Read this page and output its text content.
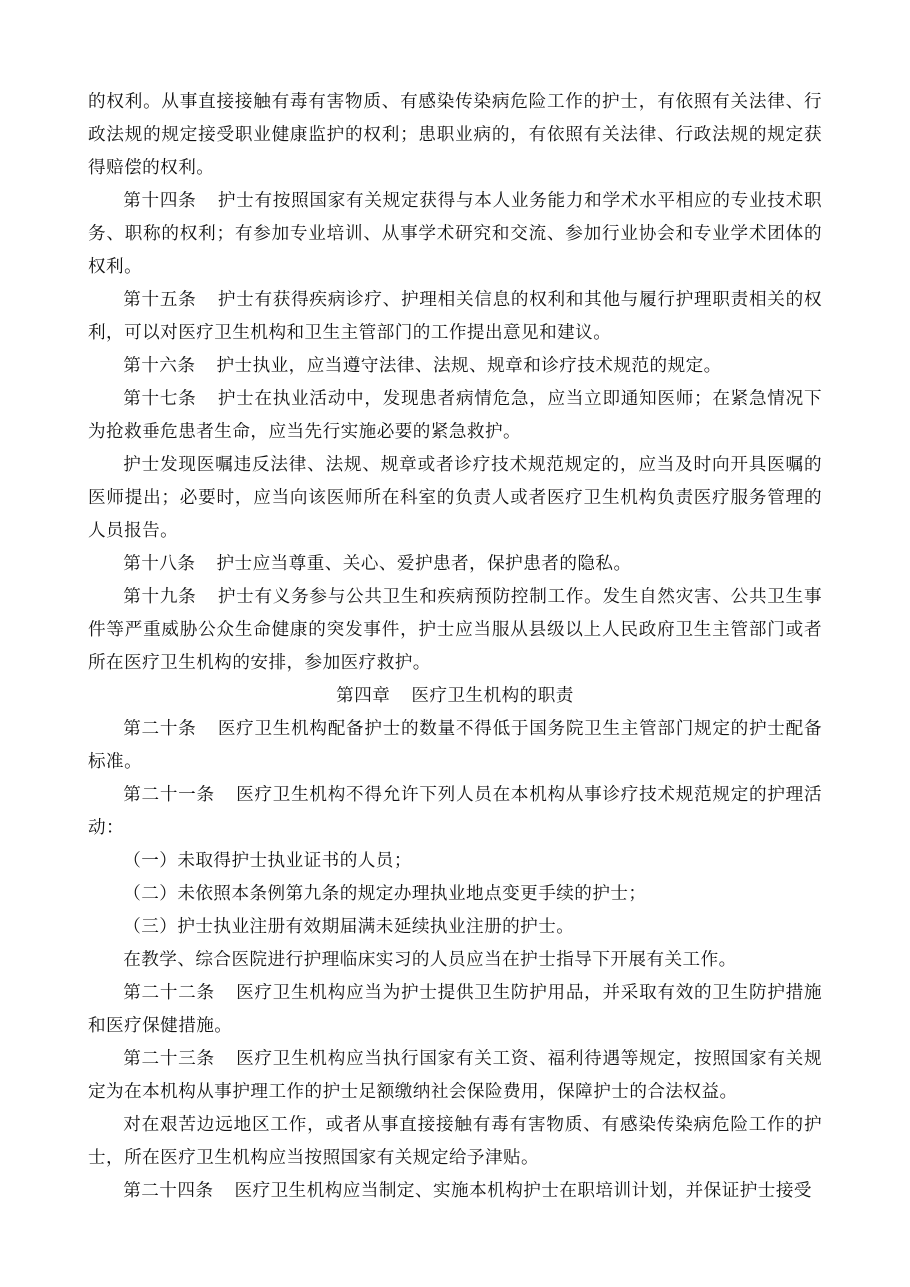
的权利。从事直接接触有毒有害物质、有感染传染病危险工作的护士，有依照有关法律、行政法规的规定接受职业健康监护的权利；患职业病的，有依照有关法律、行政法规的规定获得赔偿的权利。

第十四条 护士有按照国家有关规定获得与本人业务能力和学术水平相应的专业技术职务、职称的权利；有参加专业培训、从事学术研究和交流、参加行业协会和专业学术团体的权利。

第十五条 护士有获得疾病诊疗、护理相关信息的权利和其他与履行护理职责相关的权利，可以对医疗卫生机构和卫生主管部门的工作提出意见和建议。

第十六条 护士执业，应当遵守法律、法规、规章和诊疗技术规范的规定。

第十七条 护士在执业活动中，发现患者病情危急，应当立即通知医师；在紧急情况下为抢救垂危患者生命，应当先行实施必要的紧急救护。

护士发现医嘱违反法律、法规、规章或者诊疗技术规范规定的，应当及时向开具医嘱的医师提出；必要时，应当向该医师所在科室的负责人或者医疗卫生机构负责医疗服务管理的人员报告。

第十八条 护士应当尊重、关心、爱护患者，保护患者的隐私。

第十九条 护士有义务参与公共卫生和疾病预防控制工作。发生自然灾害、公共卫生事件等严重威胁公众生命健康的突发事件，护士应当服从县级以上人民政府卫生主管部门或者所在医疗卫生机构的安排，参加医疗救护。

第四章 医疗卫生机构的职责

第二十条 医疗卫生机构配备护士的数量不得低于国务院卫生主管部门规定的护士配备标准。

第二十一条 医疗卫生机构不得允许下列人员在本机构从事诊疗技术规范规定的护理活动：

（一）未取得护士执业证书的人员；

（二）未依照本条例第九条的规定办理执业地点变更手续的护士；

（三）护士执业注册有效期届满未延续执业注册的护士。

在教学、综合医院进行护理临床实习的人员应当在护士指导下开展有关工作。

第二十二条 医疗卫生机构应当为护士提供卫生防护用品，并采取有效的卫生防护措施和医疗保健措施。

第二十三条 医疗卫生机构应当执行国家有关工资、福利待遇等规定，按照国家有关规定为在本机构从事护理工作的护士足额缴纳社会保险费用，保障护士的合法权益。

对在艰苦边远地区工作，或者从事直接接触有毒有害物质、有感染传染病危险工作的护士，所在医疗卫生机构应当按照国家有关规定给予津贴。

第二十四条 医疗卫生机构应当制定、实施本机构护士在职培训计划，并保证护士接受
